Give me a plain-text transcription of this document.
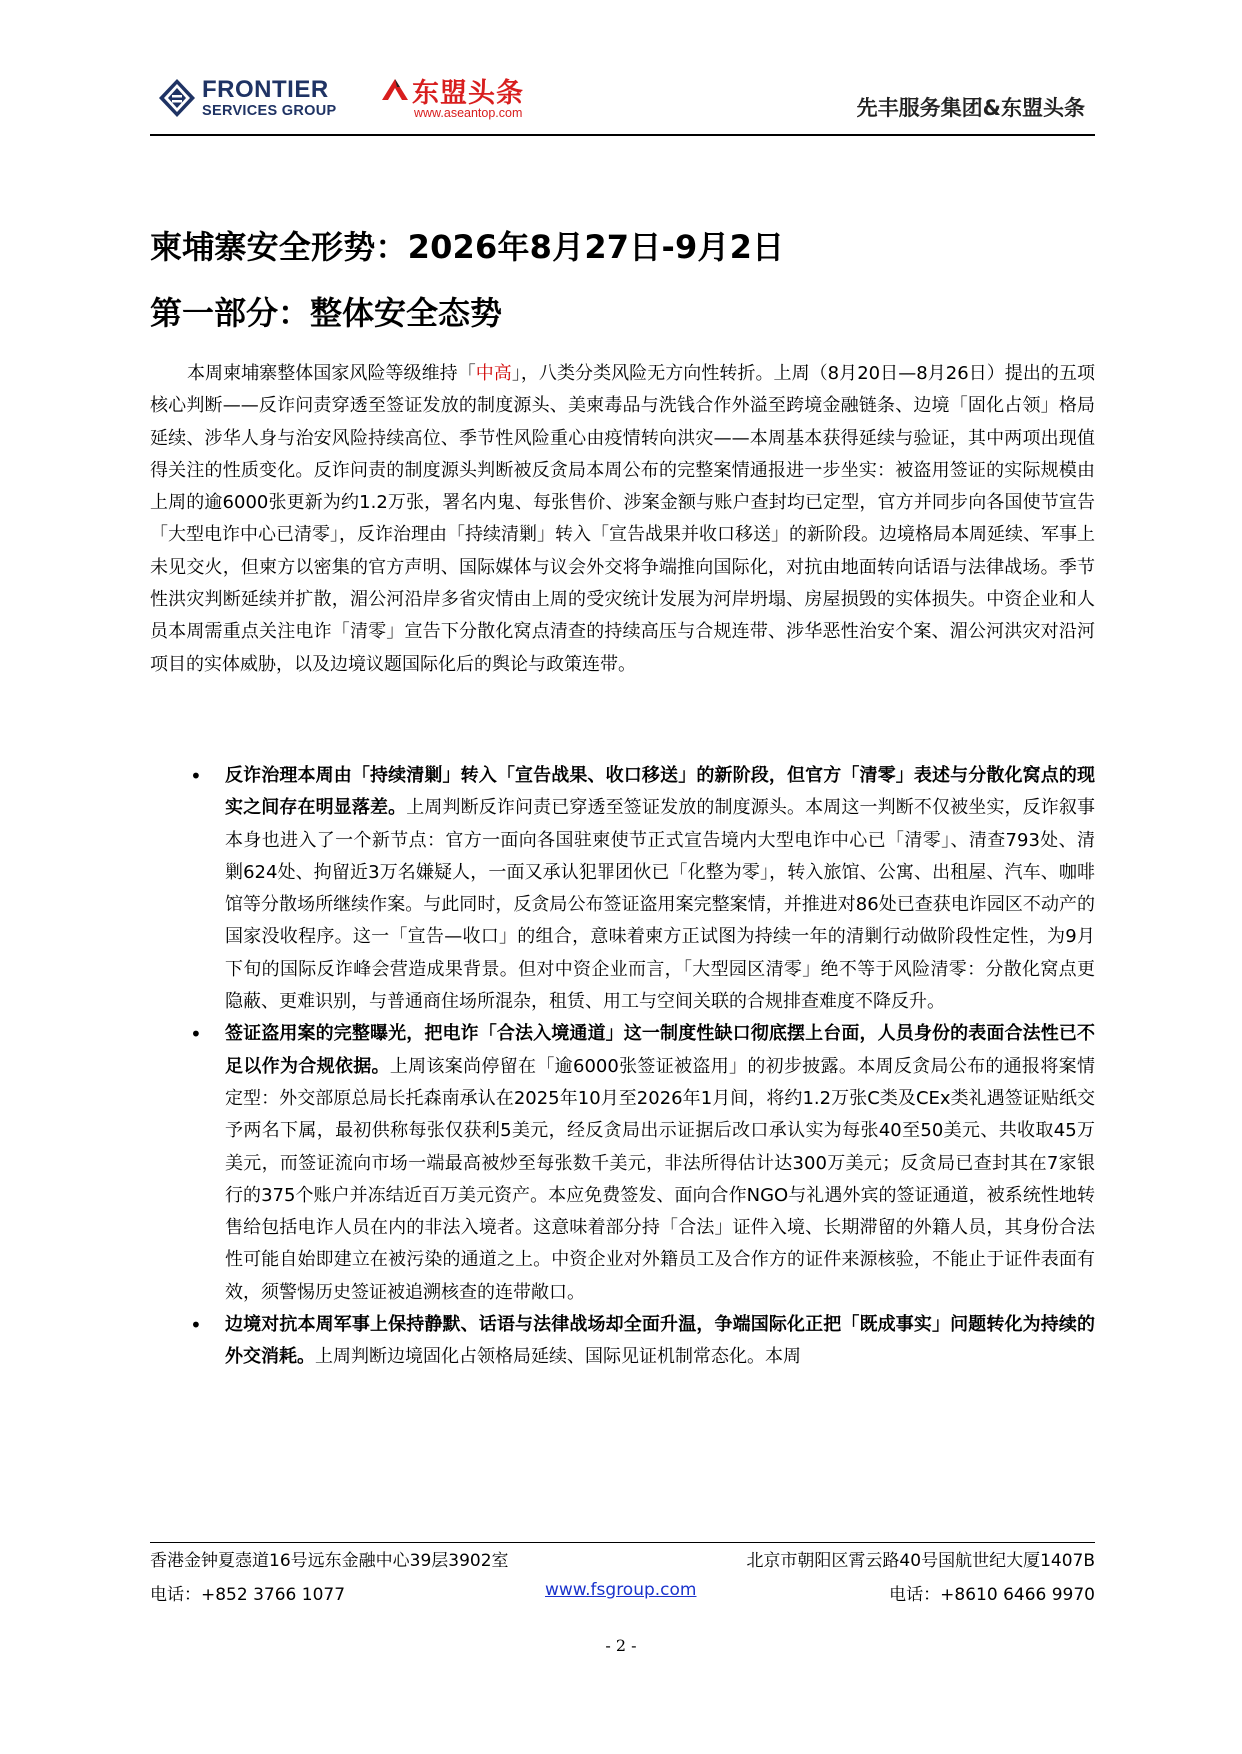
FRONTIER
SERVICES GROUP
东盟头条
www.aseantop.com	先丰服务集团&东盟头条
柬埔寨安全形势：2026年8月27日-9月2日
第一部分：整体安全态势
本周柬埔寨整体国家风险等级维持「中高」，八类分类风险无方向性转折。上周（8月20日—8月26日）提出的五项核心判断——反诈问责穿透至签证发放的制度源头、美柬毒品与洗钱合作外溢至跨境金融链条、边境「固化占领」格局延续、涉华人身与治安风险持续高位、季节性风险重心由疫情转向洪灾——本周基本获得延续与验证，其中两项出现值得关注的性质变化。反诈问责的制度源头判断被反贪局本周公布的完整案情通报进一步坐实：被盗用签证的实际规模由上周的逾6000张更新为约1.2万张，署名内鬼、每张售价、涉案金额与账户查封均已定型，官方并同步向各国使节宣告「大型电诈中心已清零」，反诈治理由「持续清剿」转入「宣告战果并收口移送」的新阶段。边境格局本周延续、军事上未见交火，但柬方以密集的官方声明、国际媒体与议会外交将争端推向国际化，对抗由地面转向话语与法律战场。季节性洪灾判断延续并扩散，湄公河沿岸多省灾情由上周的受灾统计发展为河岸坍塌、房屋损毁的实体损失。中资企业和人员本周需重点关注电诈「清零」宣告下分散化窝点清查的持续高压与合规连带、涉华恶性治安个案、湄公河洪灾对沿河项目的实体威胁，以及边境议题国际化后的舆论与政策连带。
• 反诈治理本周由「持续清剿」转入「宣告战果、收口移送」的新阶段，但官方「清零」表述与分散化窝点的现实之间存在明显落差。上周判断反诈问责已穿透至签证发放的制度源头。本周这一判断不仅被坐实，反诈叙事本身也进入了一个新节点：官方一面向各国驻柬使节正式宣告境内大型电诈中心已「清零」、清查793处、清剿624处、拘留近3万名嫌疑人，一面又承认犯罪团伙已「化整为零」，转入旅馆、公寓、出租屋、汽车、咖啡馆等分散场所继续作案。与此同时，反贪局公布签证盗用案完整案情，并推进对86处已查获电诈园区不动产的国家没收程序。这一「宣告—收口」的组合，意味着柬方正试图为持续一年的清剿行动做阶段性定性，为9月下旬的国际反诈峰会营造成果背景。但对中资企业而言，「大型园区清零」绝不等于风险清零：分散化窝点更隐蔽、更难识别，与普通商住场所混杂，租赁、用工与空间关联的合规排查难度不降反升。
• 签证盗用案的完整曝光，把电诈「合法入境通道」这一制度性缺口彻底摆上台面，人员身份的表面合法性已不足以作为合规依据。上周该案尚停留在「逾6000张签证被盗用」的初步披露。本周反贪局公布的通报将案情定型：外交部原总局长托森南承认在2025年10月至2026年1月间，将约1.2万张C类及CEx类礼遇签证贴纸交予两名下属，最初供称每张仅获利5美元，经反贪局出示证据后改口承认实为每张40至50美元、共收取45万美元，而签证流向市场一端最高被炒至每张数千美元，非法所得估计达300万美元；反贪局已查封其在7家银行的375个账户并冻结近百万美元资产。本应免费签发、面向合作NGO与礼遇外宾的签证通道，被系统性地转售给包括电诈人员在内的非法入境者。这意味着部分持「合法」证件入境、长期滞留的外籍人员，其身份合法性可能自始即建立在被污染的通道之上。中资企业对外籍员工及合作方的证件来源核验，不能止于证件表面有效，须警惕历史签证被追溯核查的连带敞口。
• 边境对抗本周军事上保持静默、话语与法律战场却全面升温，争端国际化正把「既成事实」问题转化为持续的外交消耗。上周判断边境固化占领格局延续、国际见证机制常态化。本周
香港金钟夏悫道16号远东金融中心39层3902室	北京市朝阳区霄云路40号国航世纪大厦1407B
电话：+852 3766 1077	www.fsgroup.com	电话：+8610 6466 9970
- 2 -
